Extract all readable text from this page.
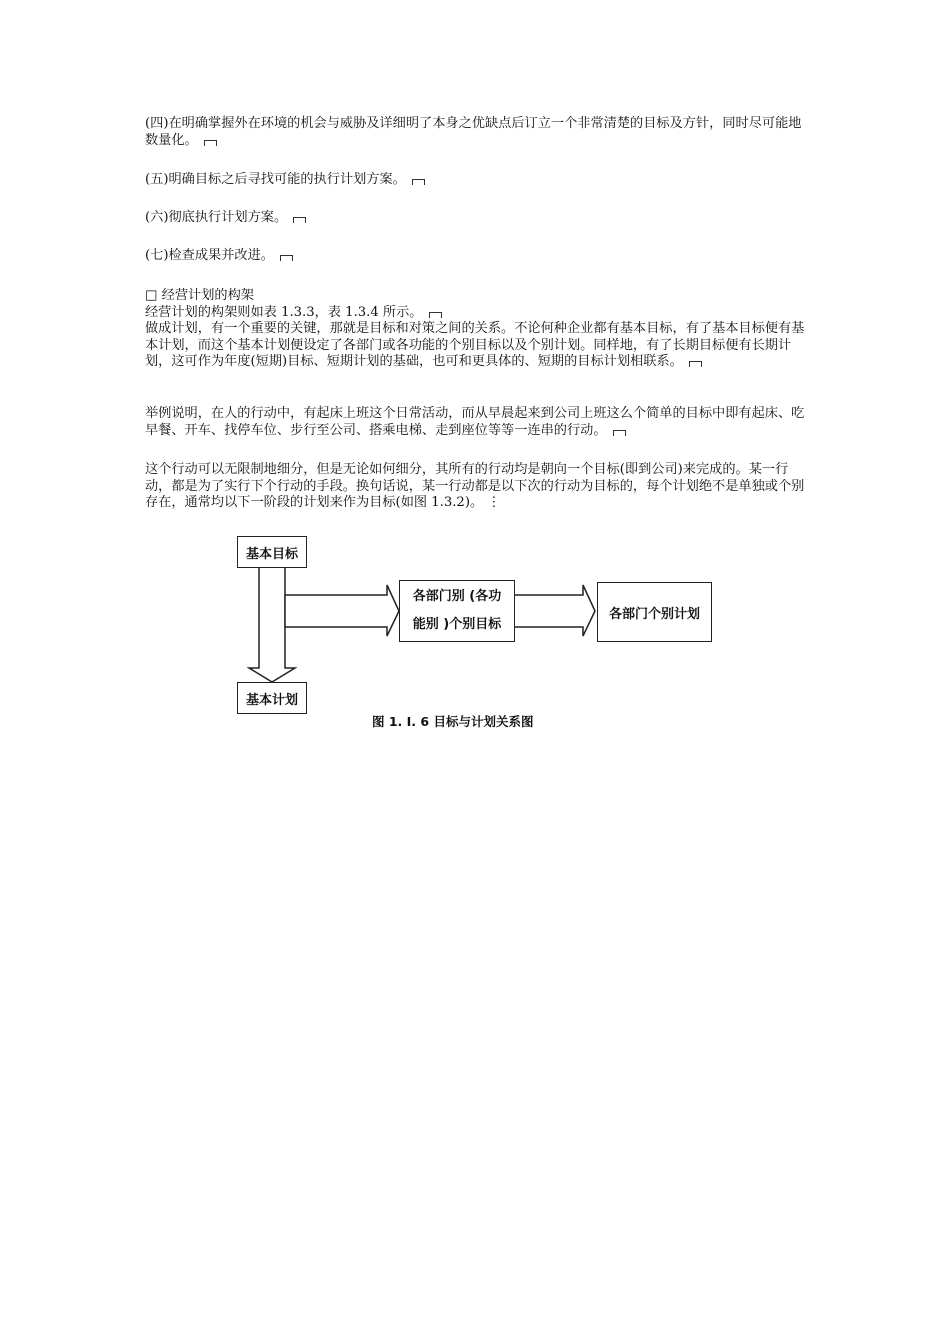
(四)在明确掌握外在环境的机会与威胁及详细明了本身之优缺点后订立一个非常清楚的目标及方针，同时尽可能地数量化。

(五)明确目标之后寻找可能的执行计划方案。

(六)彻底执行计划方案。

(七)检查成果并改进。

□ 经营计划的构架
经营计划的构架则如表 1.3.3，表 1.3.4 所示。
做成计划，有一个重要的关键，那就是目标和对策之间的关系。不论何种企业都有基本目标，有了基本目标便有基本计划，而这个基本计划便设定了各部门或各功能的个别目标以及个别计划。同样地，有了长期目标便有长期计划，这可作为年度(短期)目标、短期计划的基础，也可和更具体的、短期的目标计划相联系。

举例说明，在人的行动中，有起床上班这个日常活动，而从早晨起来到公司上班这么个简单的目标中即有起床、吃早餐、开车、找停车位、步行至公司、搭乘电梯、走到座位等等一连串的行动。

这个行动可以无限制地细分，但是无论如何细分，其所有的行动均是朝向一个目标(即到公司)来完成的。某一行动，都是为了实行下个行动的手段。换句话说，某一行动都是以下次的行动为目标的，每个计划绝不是单独或个别存在，通常均以下一阶段的计划来作为目标(如图 1.3.2)。 ⋮

基本目标
各部门别 (各功
能别 )个别目标
各部门个别计划
基本计划
图 1. I. 6 目标与计划关系图
